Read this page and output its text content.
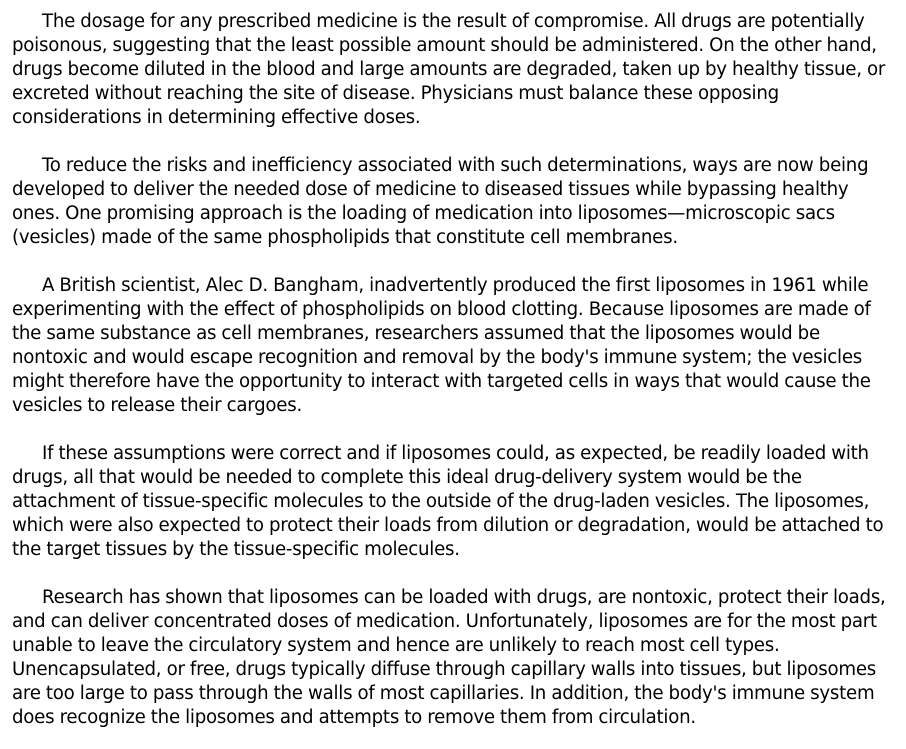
The dosage for any prescribed medicine is the result of compromise. All drugs are potentially poisonous, suggesting that the least possible amount should be administered. On the other hand, drugs become diluted in the blood and large amounts are degraded, taken up by healthy tissue, or excreted without reaching the site of disease. Physicians must balance these opposing considerations in determining effective doses.

To reduce the risks and inefficiency associated with such determinations, ways are now being developed to deliver the needed dose of medicine to diseased tissues while bypassing healthy ones. One promising approach is the loading of medication into liposomes—microscopic sacs (vesicles) made of the same phospholipids that constitute cell membranes.

A British scientist, Alec D. Bangham, inadvertently produced the first liposomes in 1961 while experimenting with the effect of phospholipids on blood clotting. Because liposomes are made of the same substance as cell membranes, researchers assumed that the liposomes would be nontoxic and would escape recognition and removal by the body's immune system; the vesicles might therefore have the opportunity to interact with targeted cells in ways that would cause the vesicles to release their cargoes.

If these assumptions were correct and if liposomes could, as expected, be readily loaded with drugs, all that would be needed to complete this ideal drug-delivery system would be the attachment of tissue-specific molecules to the outside of the drug-laden vesicles. The liposomes, which were also expected to protect their loads from dilution or degradation, would be attached to the target tissues by the tissue-specific molecules.

Research has shown that liposomes can be loaded with drugs, are nontoxic, protect their loads, and can deliver concentrated doses of medication. Unfortunately, liposomes are for the most part unable to leave the circulatory system and hence are unlikely to reach most cell types. Unencapsulated, or free, drugs typically diffuse through capillary walls into tissues, but liposomes are too large to pass through the walls of most capillaries. In addition, the body's immune system does recognize the liposomes and attempts to remove them from circulation.
